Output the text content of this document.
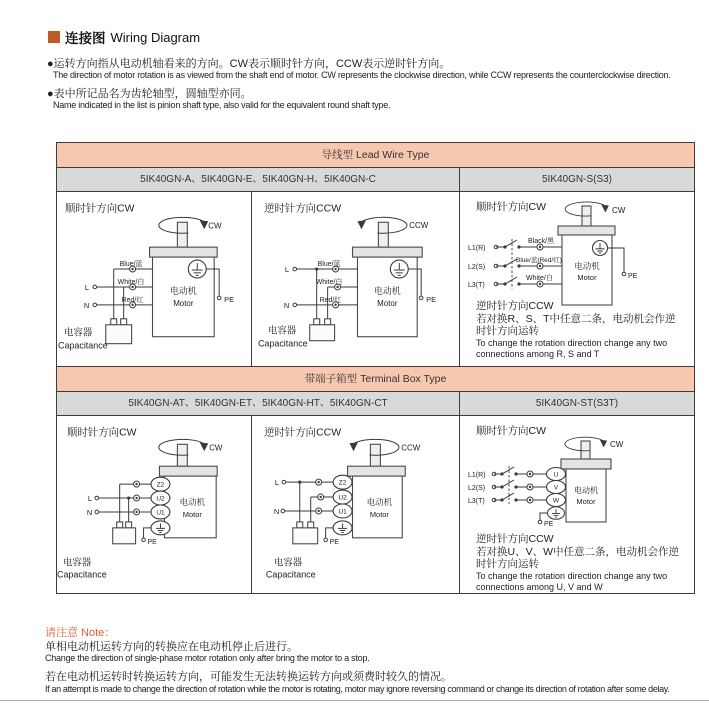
连接图 Wiring Diagram
●运转方向指从电动机轴看来的方向。CW表示顺时针方向，CCW表示逆时针方向。
The direction of motor rotation is as viewed from the shaft end of motor. CW represents the clockwise direction, while CCW represents the counterclockwise direction.
●表中所记品名为齿轮轴型，圆轴型亦同。
Name indicated in the list is pinion shaft type, also valid for the equivalent round shaft type.
导线型 Lead Wire Type
5IK40GN-A、5IK40GN-E、5IK40GN-H、5IK40GN-C	5IK40GN-S(S3)
顺时针方向CW
CW
电动机
Motor	PE
Blue/蓝
White/白
Red/红
L
N
电容器
Capacitance
逆时针方向CCW
CCW
电动机
Motor	PE
Blue/蓝
White/白
Red/红
L
N
电容器
Capacitance
顺时针方向CW	CW
电动机
Motor	PE
L1(R)
L2(S)
L3(T)
Black/黑
Blue/蓝(Red/红)
White/白
逆时针方向CCW
若对换R、S、T中任意二条，电动机会作逆
时针方向运转
To change the rotation direction change any two
connections among R, S and T
带端子箱型 Terminal Box Type
5IK40GN-AT、5IK40GN-ET、5IK40GN-HT、5IK40GN-CT	5IK40GN-ST(S3T)
顺时针方向CW
CW
电动机
Motor
L
N
Z2
U2
U1
PE
电容器
Capacitance
逆时针方向CCW
CCW
电动机
Motor
L
N
Z2
U2
U1
PE
电容器
Capacitance
顺时针方向CW
CW
电动机
Motor
L1(R)
L2(S)
L3(T)
U
V
W
PE
逆时针方向CCW
若对换U、V、W中任意二条，电动机会作逆
时针方向运转
To change the rotation direction change any two
connections among U, V and W
请注意 Note：
单相电动机运转方向的转换应在电动机停止后进行。
Change the direction of single-phase motor rotation only after bring the motor to a stop.
若在电动机运转时转换运转方向，可能发生无法转换运转方向或须费时较久的情况。
If an attempt is made to change the direction of rotation while the motor is rotating, motor may ignore reversing command or change its direction of rotation after some delay.
